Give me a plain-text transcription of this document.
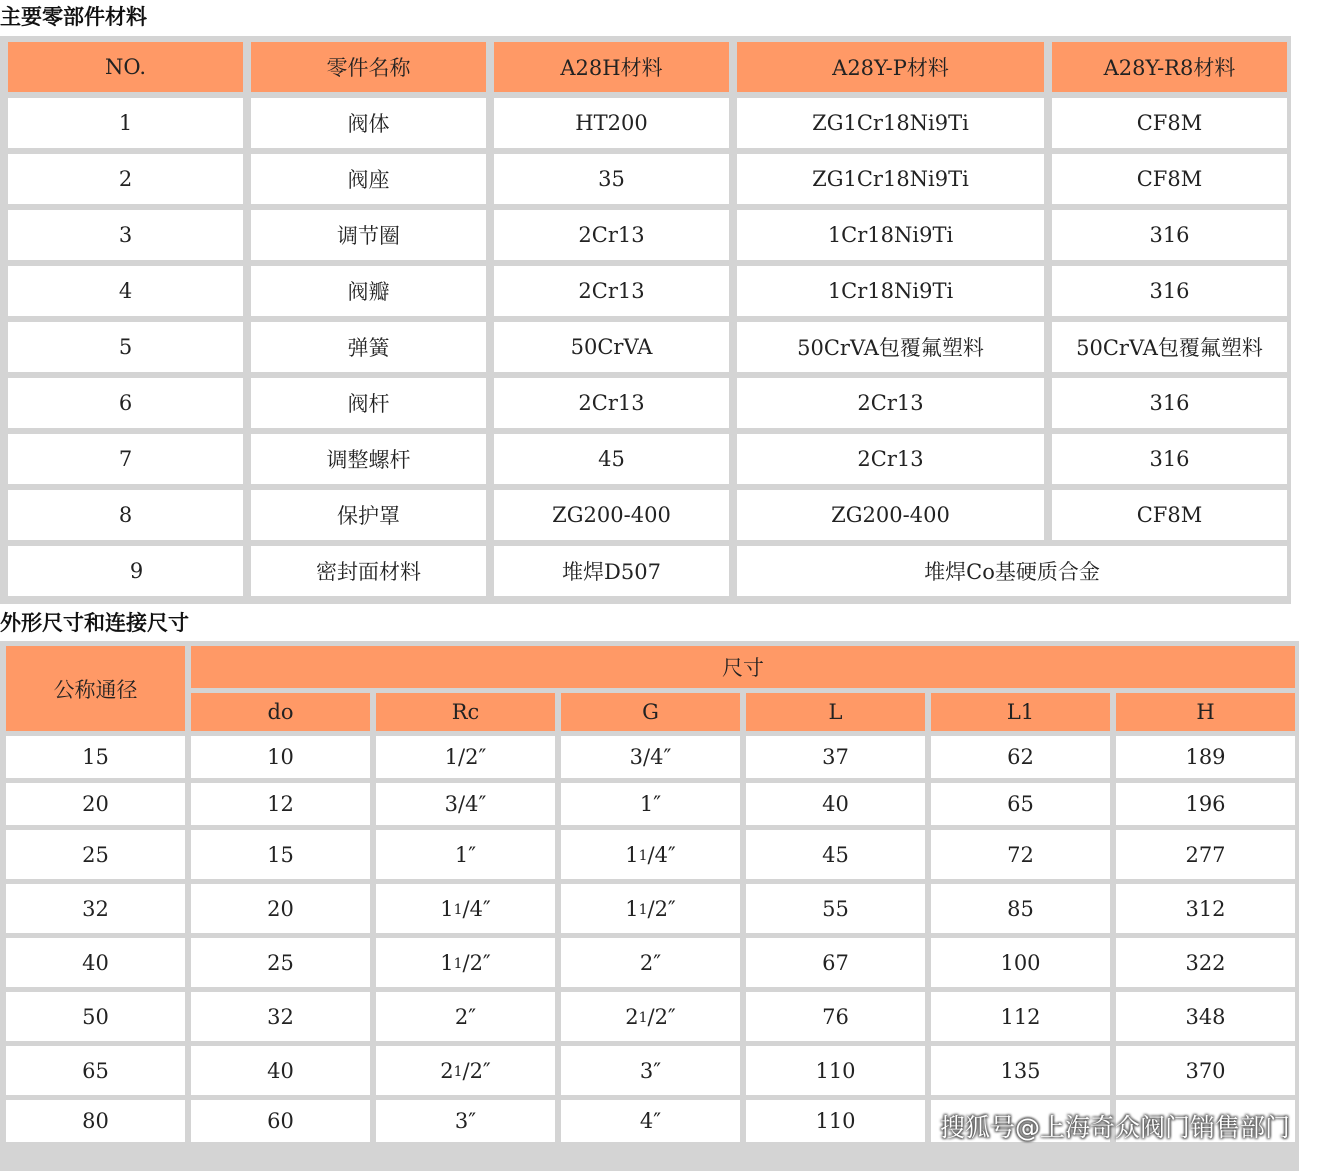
主要零部件材料
NO.	零件名称	A28H材料	A28Y-P材料	A28Y-R8材料
1	阀体	HT200	ZG1Cr18Ni9Ti	CF8M
2	阀座	35	ZG1Cr18Ni9Ti	CF8M
3	调节圈	2Cr13	1Cr18Ni9Ti	316
4	阀瓣	2Cr13	1Cr18Ni9Ti	316
5	弹簧	50CrVA	50CrVA包覆氟塑料	50CrVA包覆氟塑料
6	阀杆	2Cr13	2Cr13	316
7	调整螺杆	45	2Cr13	316
8	保护罩	ZG200-400	ZG200-400	CF8M
9	密封面材料	堆焊D507	堆焊Co基硬质合金	
外形尺寸和连接尺寸
公称通径	尺寸					
	do	Rc	G	L	L1	H
15	10	1/2″	3/4″	37	62	189
20	12	3/4″	1″	40	65	196
25	15	1″	$1^1/4''$	45	72	277
32	20	$1^1/4''$	$1^1/2''$	55	85	312
40	25	$1^1/2''$	2″	67	100	322
50	32	2″	$2^1/2''$	76	112	348
65	40	$2^1/2''$	3″	110	135	370
80	60	3″	4″	110			搜狐号@上海奇众阀门销售部门
